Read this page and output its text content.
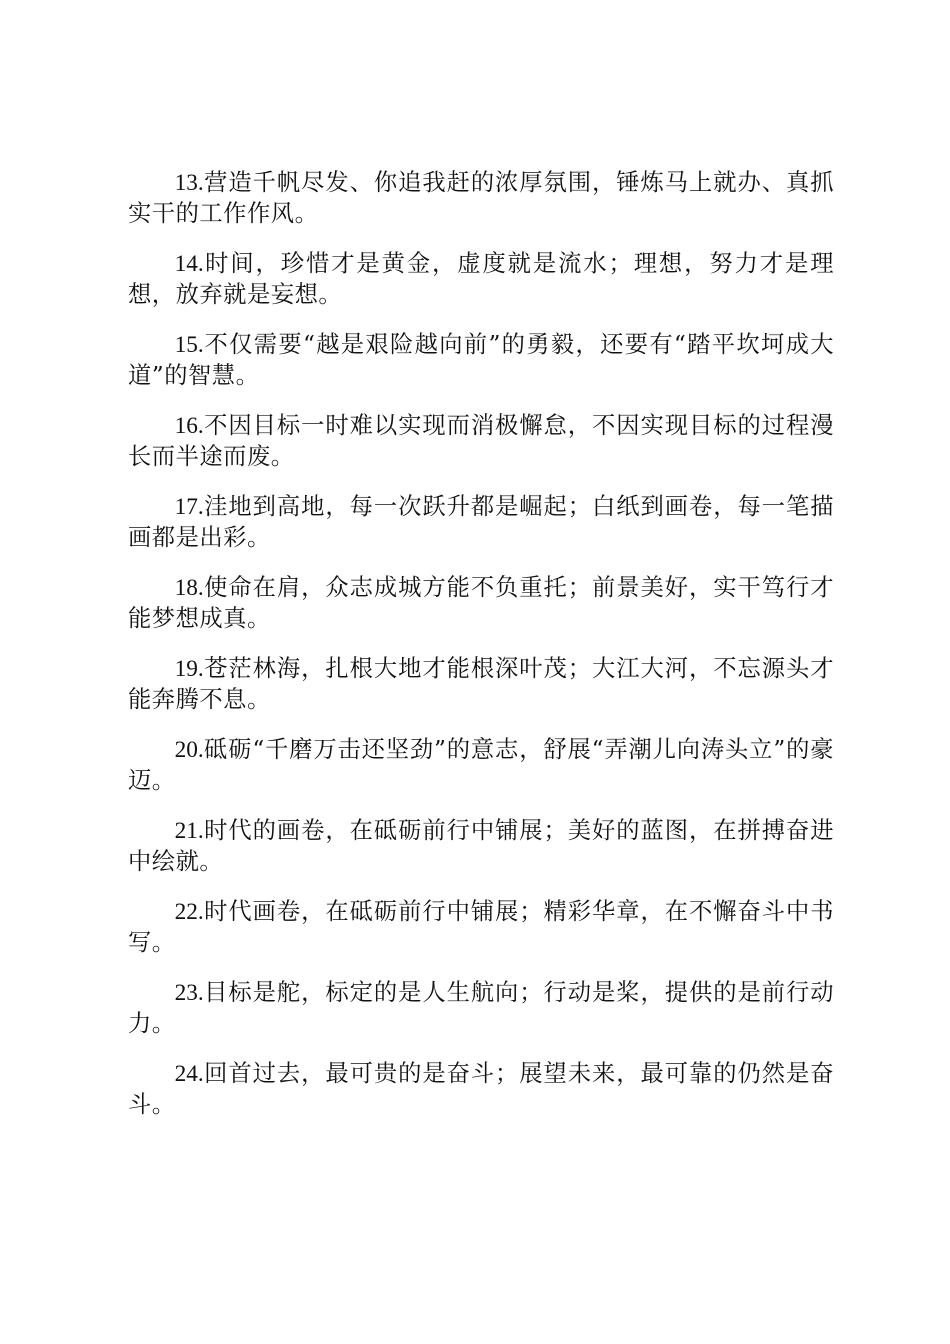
13.营造千帆尽发、你追我赶的浓厚氛围，锤炼马上就办、真抓实干的工作作风。

14.时间，珍惜才是黄金，虚度就是流水；理想，努力才是理想，放弃就是妄想。

15.不仅需要“越是艰险越向前”的勇毅，还要有“踏平坎坷成大道”的智慧。

16.不因目标一时难以实现而消极懈怠，不因实现目标的过程漫长而半途而废。

17.洼地到高地，每一次跃升都是崛起；白纸到画卷，每一笔描画都是出彩。

18.使命在肩，众志成城方能不负重托；前景美好，实干笃行才能梦想成真。

19.苍茫林海，扎根大地才能根深叶茂；大江大河，不忘源头才能奔腾不息。

20.砥砺“千磨万击还坚劲”的意志，舒展“弄潮儿向涛头立”的豪迈。

21.时代的画卷，在砥砺前行中铺展；美好的蓝图，在拼搏奋进中绘就。

22.时代画卷，在砥砺前行中铺展；精彩华章，在不懈奋斗中书写。

23.目标是舵，标定的是人生航向；行动是桨，提供的是前行动力。

24.回首过去，最可贵的是奋斗；展望未来，最可靠的仍然是奋斗。
